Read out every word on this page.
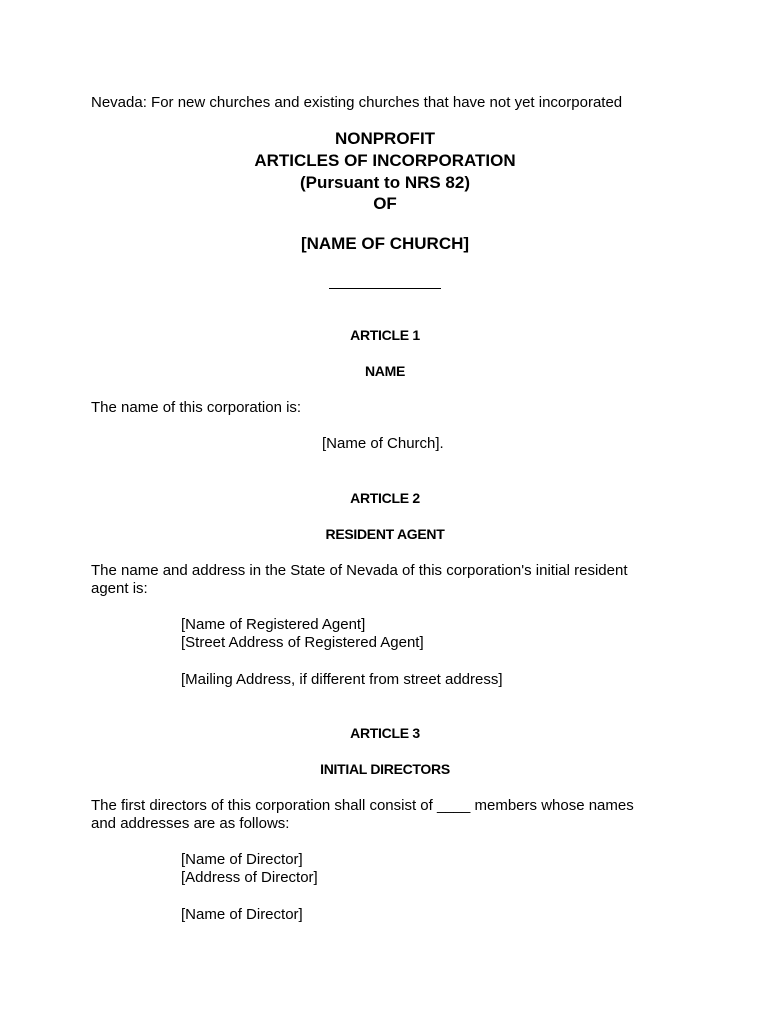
Nevada: For new churches and existing churches that have not yet incorporated
NONPROFIT
ARTICLES OF INCORPORATION
(Pursuant to NRS 82)
OF
[NAME OF CHURCH]
ARTICLE 1
NAME
The name of this corporation is:
[Name of Church].
ARTICLE 2
RESIDENT AGENT
The name and address in the State of Nevada of this corporation's initial resident
agent is:
[Name of Registered Agent]
[Street Address of Registered Agent]
[Mailing Address, if different from street address]
ARTICLE 3
INITIAL DIRECTORS
The first directors of this corporation shall consist of ____ members whose names
and addresses are as follows:
[Name of Director]
[Address of Director]
[Name of Director]
